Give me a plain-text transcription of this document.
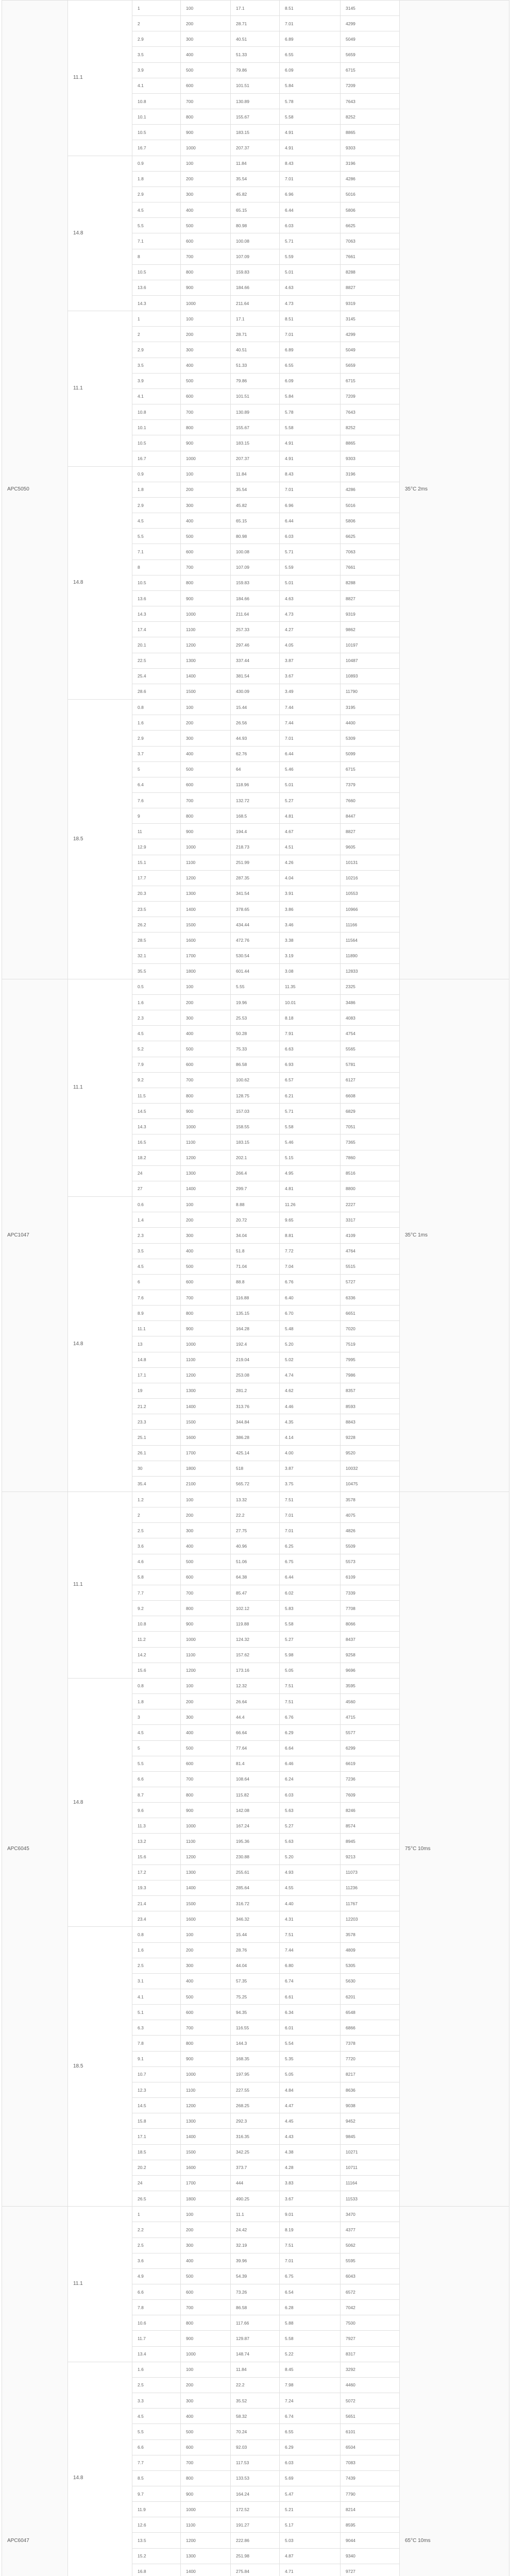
APC5050	11.1	1	100	17.1	8.51	3145	35°C 2ms
		2	200	28.71	7.01	4299	
		2.9	300	40.51	6.89	5049	
		3.5	400	51.33	6.55	5659	
		3.9	500	79.86	6.09	6715	
		4.1	600	101.51	5.84	7209	
		10.8	700	130.89	5.78	7643	
		10.1	800	155.67	5.58	8252	
		10.5	900	183.15	4.91	8865	
		16.7	1000	207.37	4.91	9303	
	14.8	0.9	100	11.84	8.43	3196	
		1.8	200	35.54	7.01	4286	
		2.9	300	45.82	6.96	5016	
		4.5	400	65.15	6.44	5806	
		5.5	500	80.98	6.03	6625	
		7.1	600	100.08	5.71	7063	
		8	700	107.09	5.59	7661	
		10.5	800	159.83	5.01	8288	
		13.6	900	184.66	4.63	8827	
		14.3	1000	211.64	4.73	9319	
	11.1	1	100	17.1	8.51	3145	
		2	200	28.71	7.01	4299	
		2.9	300	40.51	6.89	5049	
		3.5	400	51.33	6.55	5659	
		3.9	500	79.86	6.09	6715	
		4.1	600	101.51	5.84	7209	
		10.8	700	130.89	5.78	7643	
		10.1	800	155.67	5.58	8252	
		10.5	900	183.15	4.91	8865	
		16.7	1000	207.37	4.91	9303	
	14.8	0.9	100	11.84	8.43	3196	
		1.8	200	35.54	7.01	4286	
		2.9	300	45.82	6.96	5016	
		4.5	400	65.15	6.44	5806	
		5.5	500	80.98	6.03	6625	
		7.1	600	100.08	5.71	7063	
		8	700	107.09	5.59	7661	
		10.5	800	159.83	5.01	8288	
		13.6	900	184.66	4.63	8827	
		14.3	1000	211.64	4.73	9319	
		17.4	1100	257.33	4.27	9862	
		20.1	1200	297.46	4.05	10197	
		22.5	1300	337.44	3.87	10487	
		25.4	1400	381.54	3.67	10893	
		28.6	1500	430.09	3.49	11790	
	18.5	0.8	100	15.44	7.44	3195	
		1.6	200	26.56	7.44	4400	
		2.9	300	44.93	7.01	5309	
		3.7	400	62.76	6.44	5099	
		5	500	64	5.46	6715	
		6.4	600	118.96	5.01	7379	
		7.6	700	132.72	5.27	7660	
		9	800	168.5	4.81	8447	
		11	900	194.4	4.67	8827	
		12.9	1000	218.73	4.51	9605	
		15.1	1100	251.99	4.26	10131	
		17.7	1200	287.35	4.04	10216	
		20.3	1300	341.54	3.91	10553	
		23.5	1400	378.65	3.86	10966	
		26.2	1500	434.44	3.46	11166	
		28.5	1600	472.76	3.38	11564	
		32.1	1700	530.54	3.19	11890	
		35.5	1800	601.44	3.08	12833	
APC1047	11.1	0.5	100	5.55	11.35	2325	35°C 1ms
		1.6	200	19.96	10.01	3486	
		2.3	300	25.53	8.18	4083	
		4.5	400	50.28	7.91	4754	
		5.2	500	75.33	6.63	5565	
		7.9	600	86.58	6.93	5781	
		9.2	700	100.62	6.57	6127	
		11.5	800	128.75	6.21	6608	
		14.5	900	157.03	5.71	6829	
		14.3	1000	158.55	5.58	7051	
		16.5	1100	183.15	5.46	7365	
		18.2	1200	202.1	5.15	7860	
		24	1300	266.4	4.95	8516	
		27	1400	299.7	4.81	8800	
	14.8	0.6	100	8.88	11.26	2227	
		1.4	200	20.72	9.65	3317	
		2.3	300	34.04	8.81	4109	
		3.5	400	51.8	7.72	4764	
		4.5	500	71.04	7.04	5515	
		6	600	88.8	6.76	5727	
		7.6	700	116.88	6.40	6336	
		8.9	800	135.15	6.70	6651	
		11.1	900	164.28	5.48	7020	
		13	1000	192.4	5.20	7519	
		14.8	1100	219.04	5.02	7995	
		17.1	1200	253.08	4.74	7986	
		19	1300	281.2	4.62	8357	
		21.2	1400	313.76	4.46	8593	
		23.3	1500	344.84	4.35	8843	
		25.1	1600	386.28	4.14	9228	
		26.1	1700	425.14	4.00	9520	
		30	1800	518	3.87	10032	
		35.4	2100	565.72	3.75	10475	
APC6045	11.1	1.2	100	13.32	7.51	3578	75°C 10ms
		2	200	22.2	7.01	4075	
		2.5	300	27.75	7.01	4826	
		3.6	400	40.96	6.25	5509	
		4.6	500	51.06	6.75	5573	
		5.8	600	64.38	6.44	6109	
		7.7	700	85.47	6.02	7339	
		9.2	800	102.12	5.83	7708	
		10.8	900	119.88	5.58	8066	
		11.2	1000	124.32	5.27	8437	
		14.2	1100	157.62	5.98	9258	
		15.6	1200	173.16	5.05	9696	
	14.8	0.8	100	12.32	7.51	3595	
		1.8	200	26.64	7.51	4560	
		3	300	44.4	6.76	4715	
		4.5	400	66.64	6.29	5577	
		5	500	77.64	6.64	6299	
		5.5	600	81.4	6.46	6619	
		6.6	700	108.64	6.24	7236	
		8.7	800	115.82	6.03	7609	
		9.6	900	142.08	5.63	8246	
		11.3	1000	167.24	5.27	8574	
		13.2	1100	195.36	5.63	8945	
		15.6	1200	230.88	5.20	9213	
		17.2	1300	255.61	4.93	11073	
		19.3	1400	285.64	4.55	11236	
		21.4	1500	316.72	4.40	11767	
		23.4	1600	346.32	4.31	12203	
	18.5	0.8	100	15.44	7.51	3578	
		1.6	200	28.76	7.44	4809	
		2.5	300	44.04	6.80	5305	
		3.1	400	57.35	6.74	5630	
		4.1	500	75.25	6.61	6201	
		5.1	600	94.35	6.34	6548	
		6.3	700	116.55	6.01	6866	
		7.8	800	144.3	5.54	7378	
		9.1	900	168.35	5.35	7720	
		10.7	1000	197.95	5.05	8217	
		12.3	1100	227.55	4.84	8636	
		14.5	1200	268.25	4.47	9038	
		15.8	1300	292.3	4.45	9452	
		17.1	1400	316.35	4.43	9845	
		18.5	1500	342.25	4.38	10271	
		20.2	1600	373.7	4.28	10711	
		24	1700	444	3.83	11164	
		26.5	1800	490.25	3.67	11533	
APC6047	11.1	1	100	11.1	9.01	3470	65°C 10ms
		2.2	200	24.42	8.19	4377	
		2.5	300	32.19	7.51	5062	
		3.6	400	39.96	7.01	5595	
		4.9	500	54.39	6.75	6043	
		6.6	600	73.26	6.54	6572	
		7.8	700	86.58	6.28	7042	
		10.6	800	117.66	5.88	7500	
		11.7	900	129.87	5.58	7927	
		13.4	1000	148.74	5.22	8317	
	14.8	1.6	100	11.84	8.45	3292	
		2.5	200	22.2	7.98	4460	
		3.3	300	35.52	7.24	5072	
		4.5	400	58.32	6.74	5651	
		5.5	500	70.24	6.55	6101	
		6.6	600	92.03	6.29	6504	
		7.7	700	117.53	6.03	7083	
		8.5	800	133.53	5.69	7439	
		9.7	900	164.24	5.47	7790	
		11.9	1000	172.52	5.21	8214	
		12.6	1100	191.27	5.17	8595	
		13.5	1200	222.86	5.03	9044	
		15.2	1300	251.98	4.87	9340	
		16.8	1400	275.84	4.71	9727	
